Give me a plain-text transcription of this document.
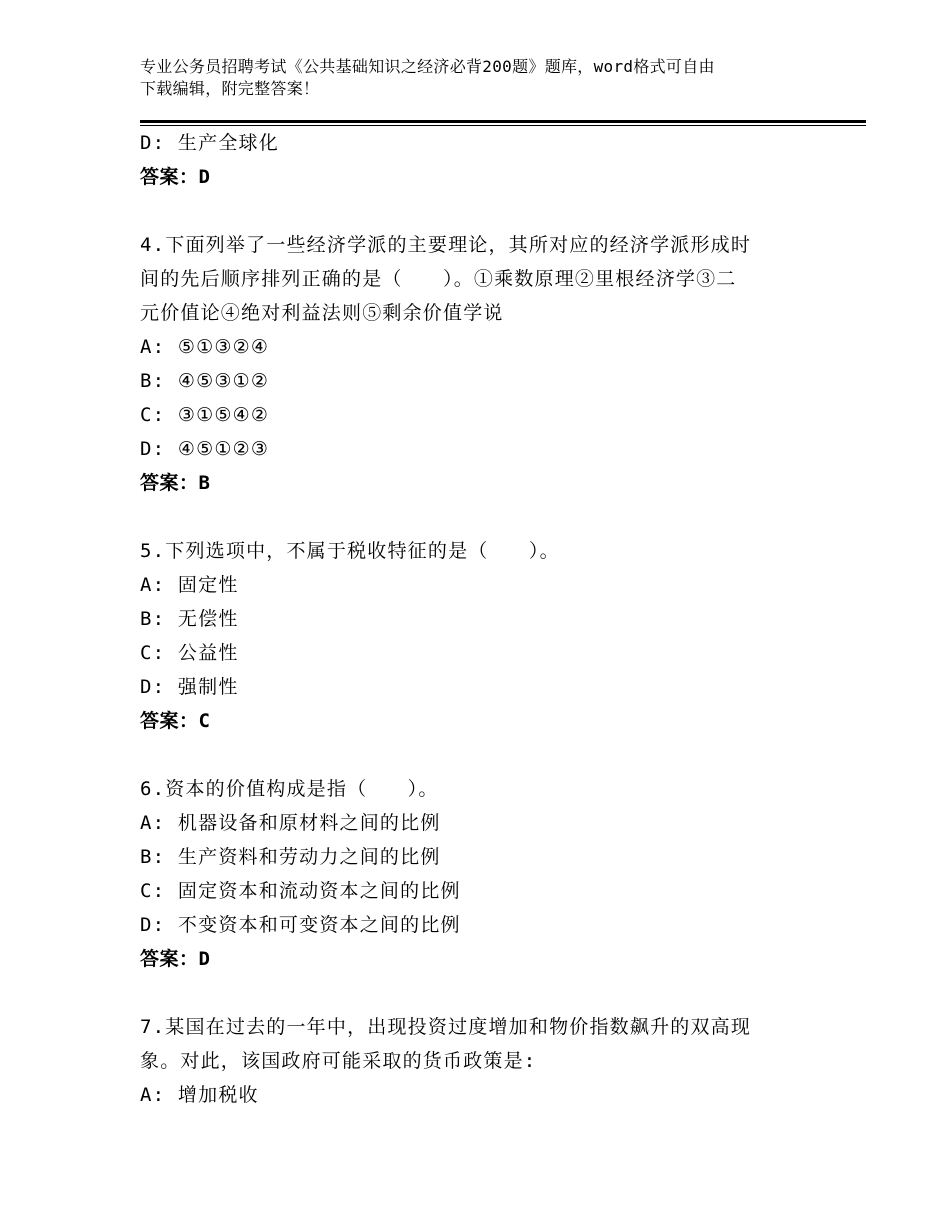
专业公务员招聘考试《公共基础知识之经济必背200题》题库，word格式可自由
下载编辑，附完整答案！
D: 生产全球化
答案：D
4.下面列举了一些经济学派的主要理论，其所对应的经济学派形成时
间的先后顺序排列正确的是（　　）。①乘数原理②里根经济学③二
元价值论④绝对利益法则⑤剩余价值学说
A: ⑤①③②④
B: ④⑤③①②
C: ③①⑤④②
D: ④⑤①②③
答案：B
5.下列选项中，不属于税收特征的是（　　）。
A: 固定性
B: 无偿性
C: 公益性
D: 强制性
答案：C
6.资本的价值构成是指（　　）。
A: 机器设备和原材料之间的比例
B: 生产资料和劳动力之间的比例
C: 固定资本和流动资本之间的比例
D: 不变资本和可变资本之间的比例
答案：D
7.某国在过去的一年中，出现投资过度增加和物价指数飙升的双高现
象。对此，该国政府可能采取的货币政策是:
A: 增加税收
